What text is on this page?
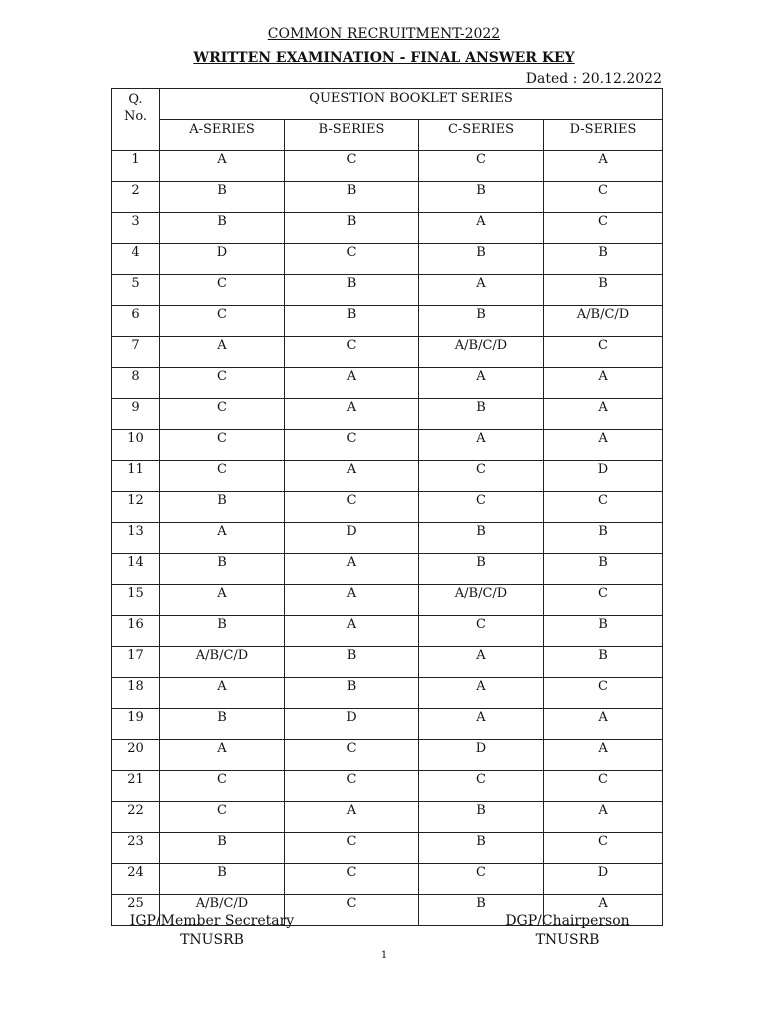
COMMON RECRUITMENT-2022
WRITTEN EXAMINATION - FINAL ANSWER KEY
Dated : 20.12.2022
Q.
No.	QUESTION BOOKLET SERIES			
	A-SERIES	B-SERIES	C-SERIES	D-SERIES
1	A	C	C	A
2	B	B	B	C
3	B	B	A	C
4	D	C	B	B
5	C	B	A	B
6	C	B	B	A/B/C/D
7	A	C	A/B/C/D	C
8	C	A	A	A
9	C	A	B	A
10	C	C	A	A
11	C	A	C	D
12	B	C	C	C
13	A	D	B	B
14	B	A	B	B
15	A	A	A/B/C/D	C
16	B	A	C	B
17	A/B/C/D	B	A	B
18	A	B	A	C
19	B	D	A	A
20	A	C	D	A
21	C	C	C	C
22	C	A	B	A
23	B	C	B	C
24	B	C	C	D
25	A/B/C/D	C	B	A
IGP/Member Secretary
TNUSRB
DGP/Chairperson
TNUSRB
1
